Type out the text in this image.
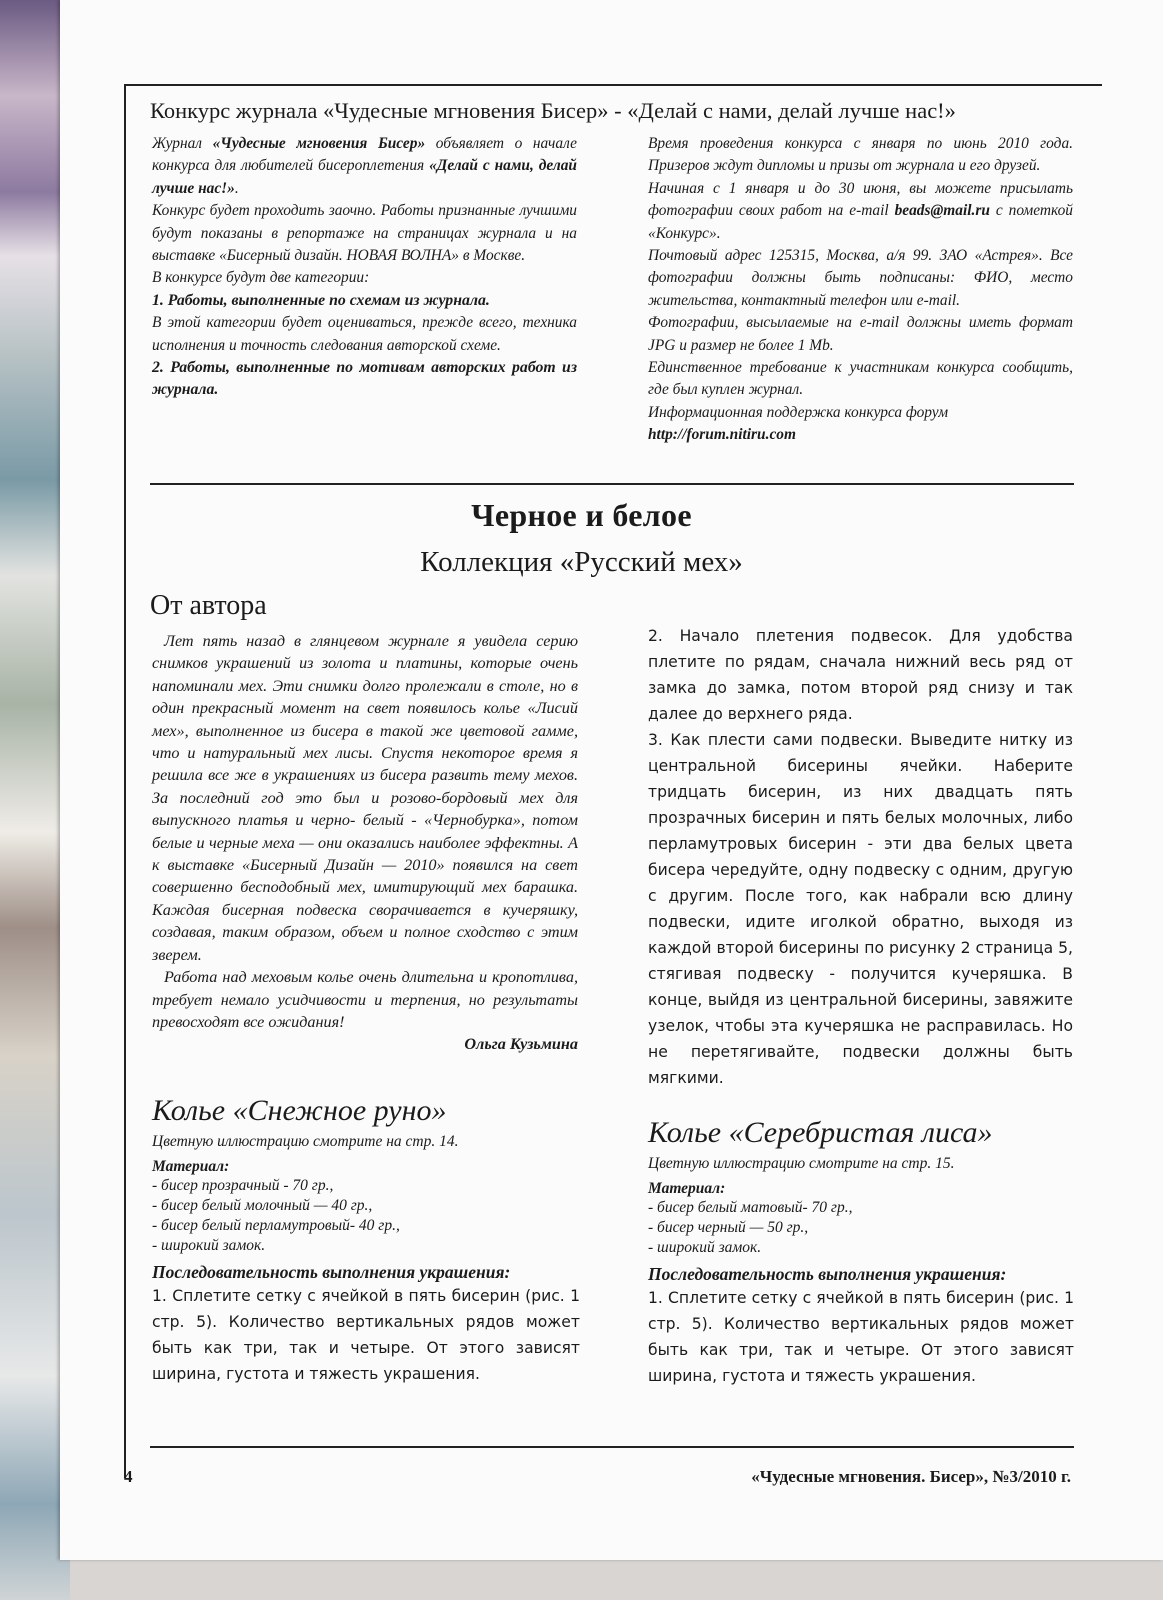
Конкурс журнала «Чудесные мгновения Бисер» - «Делай с нами, делай лучше нас!»

Журнал «Чудесные мгновения Бисер» объявляет о начале конкурса для любителей бисероплетения «Делай с нами, делай лучше нас!».

Конкурс будет проходить заочно. Работы признанные лучшими будут показаны в репортаже на страницах журнала и на выставке «Бисерный дизайн. НОВАЯ ВОЛНА» в Москве.

В конкурсе будут две категории:

1. Работы, выполненные по схемам из журнала.

В этой категории будет оцениваться, прежде всего, техника исполнения и точность следования авторской схеме.

2. Работы, выполненные по мотивам авторских работ из журнала.

Время проведения конкурса с января по июнь 2010 года. Призеров ждут дипломы и призы от журнала и его друзей.

Начиная с 1 января и до 30 июня, вы можете присылать фотографии своих работ на e-mail beads@mail.ru с пометкой «Конкурс».

Почтовый адрес 125315, Москва, а/я 99. ЗАО «Астрея». Все фотографии должны быть подписаны: ФИО, место жительства, контактный телефон или e-mail.

Фотографии, высылаемые на e-mail должны иметь формат JPG и размер не более 1 Mb.

Единственное требование к участникам конкурса сообщить, где был куплен журнал.

Информационная поддержка конкурса форум

http://forum.nitiru.com

Черное и белое
Коллекция «Русский мех»
От автора

Лет пять назад в глянцевом журнале я увидела серию снимков украшений из золота и платины, которые очень напоминали мех. Эти снимки долго пролежали в столе, но в один прекрасный момент на свет появилось колье «Лисий мех», выполненное из бисера в такой же цветовой гамме, что и натуральный мех лисы. Спустя некоторое время я решила все же в украшениях из бисера развить тему мехов. За последний год это был и розово-бордовый мех для выпускного платья и черно- белый - «Чернобурка», потом белые и черные меха — они оказались наиболее эффектны. А к выставке «Бисерный Дизайн — 2010» появился на свет совершенно бесподобный мех, имитирующий мех барашка. Каждая бисерная подвеска сворачивается в кучеряшку, создавая, таким образом, объем и полное сходство с этим зверем.

Работа над меховым колье очень длительна и кропотлива, требует немало усидчивости и терпения, но результаты превосходят все ожидания!

Ольга Кузьмина

2. Начало плетения подвесок. Для удобства плетите по рядам, сначала нижний весь ряд от замка до замка, потом второй ряд снизу и так далее до верхнего ряда.

3. Как плести сами подвески. Выведите нитку из центральной бисерины ячейки. Наберите тридцать бисерин, из них двадцать пять прозрачных бисерин и пять белых молочных, либо перламутровых бисерин - эти два белых цвета бисера чередуйте, одну подвеску с одним, другую с другим. После того, как набрали всю длину подвески, идите иголкой обратно, выходя из каждой второй бисерины по рисунку 2 страница 5, стягивая подвеску - получится кучеряшка. В конце, выйдя из центральной бисерины, завяжите узелок, чтобы эта кучеряшка не расправилась. Но не перетягивайте, подвески должны быть мягкими.

Колье «Снежное руно»
Цветную иллюстрацию смотрите на стр. 14.
Материал:
- бисер прозрачный - 70 гр.,
- бисер белый молочный — 40 гр.,
- бисер белый перламутровый- 40 гр.,
- широкий замок.
Последовательность выполнения украшения:
1. Сплетите сетку с ячейкой в пять бисерин (рис. 1 стр. 5). Количество вертикальных рядов может быть как три, так и четыре. От этого зависят ширина, густота и тяжесть украшения.
Колье «Серебристая лиса»
Цветную иллюстрацию смотрите на стр. 15.
Материал:
- бисер белый матовый- 70 гр.,
- бисер черный — 50 гр.,
- широкий замок.
Последовательность выполнения украшения:
1. Сплетите сетку с ячейкой в пять бисерин (рис. 1 стр. 5). Количество вертикальных рядов может быть как три, так и четыре. От этого зависят ширина, густота и тяжесть украшения.
4	«Чудесные мгновения. Бисер», №3/2010 г.
